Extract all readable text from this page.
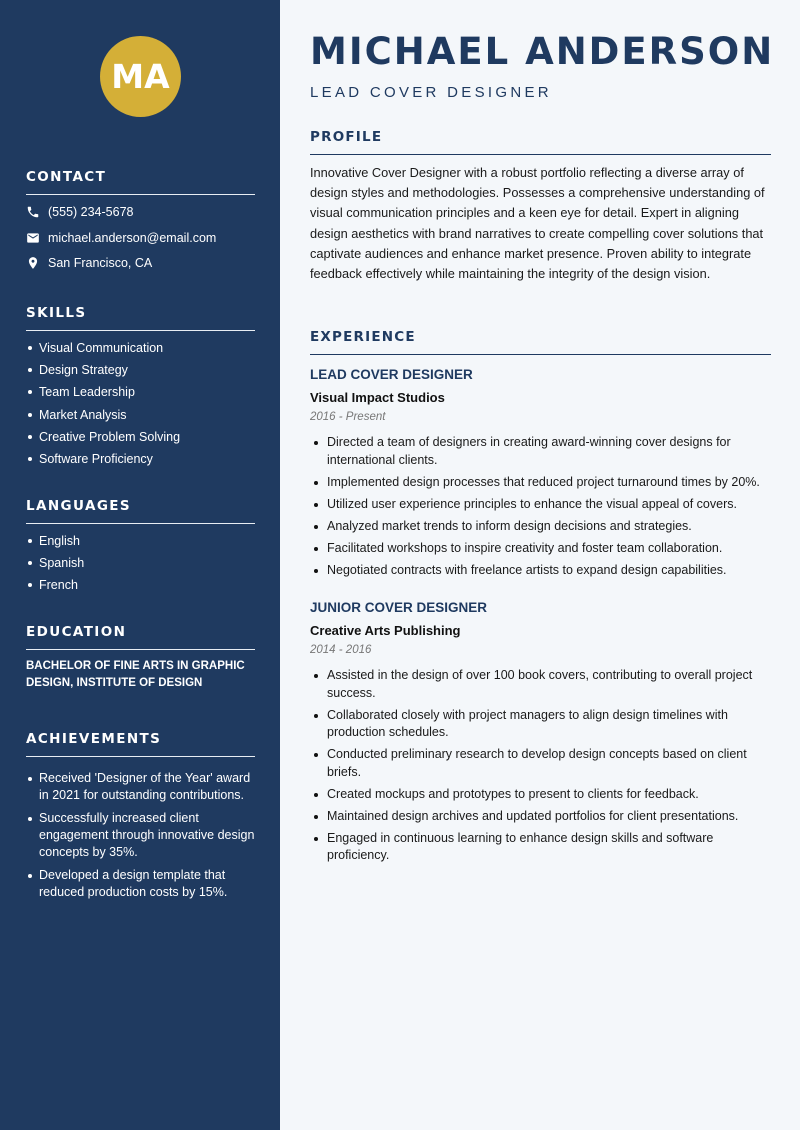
MA
CONTACT
(555) 234-5678
michael.anderson@email.com
San Francisco, CA
SKILLS
Visual Communication
Design Strategy
Team Leadership
Market Analysis
Creative Problem Solving
Software Proficiency
LANGUAGES
English
Spanish
French
EDUCATION
BACHELOR OF FINE ARTS IN GRAPHIC DESIGN, INSTITUTE OF DESIGN
ACHIEVEMENTS
Received 'Designer of the Year' award in 2021 for outstanding contributions.
Successfully increased client engagement through innovative design concepts by 35%.
Developed a design template that reduced production costs by 15%.
MICHAEL ANDERSON
LEAD COVER DESIGNER
PROFILE
Innovative Cover Designer with a robust portfolio reflecting a diverse array of design styles and methodologies. Possesses a comprehensive understanding of visual communication principles and a keen eye for detail. Expert in aligning design aesthetics with brand narratives to create compelling cover solutions that captivate audiences and enhance market presence. Proven ability to integrate feedback effectively while maintaining the integrity of the design vision.
EXPERIENCE
LEAD COVER DESIGNER
Visual Impact Studios
2016 - Present
Directed a team of designers in creating award-winning cover designs for international clients.
Implemented design processes that reduced project turnaround times by 20%.
Utilized user experience principles to enhance the visual appeal of covers.
Analyzed market trends to inform design decisions and strategies.
Facilitated workshops to inspire creativity and foster team collaboration.
Negotiated contracts with freelance artists to expand design capabilities.
JUNIOR COVER DESIGNER
Creative Arts Publishing
2014 - 2016
Assisted in the design of over 100 book covers, contributing to overall project success.
Collaborated closely with project managers to align design timelines with production schedules.
Conducted preliminary research to develop design concepts based on client briefs.
Created mockups and prototypes to present to clients for feedback.
Maintained design archives and updated portfolios for client presentations.
Engaged in continuous learning to enhance design skills and software proficiency.
